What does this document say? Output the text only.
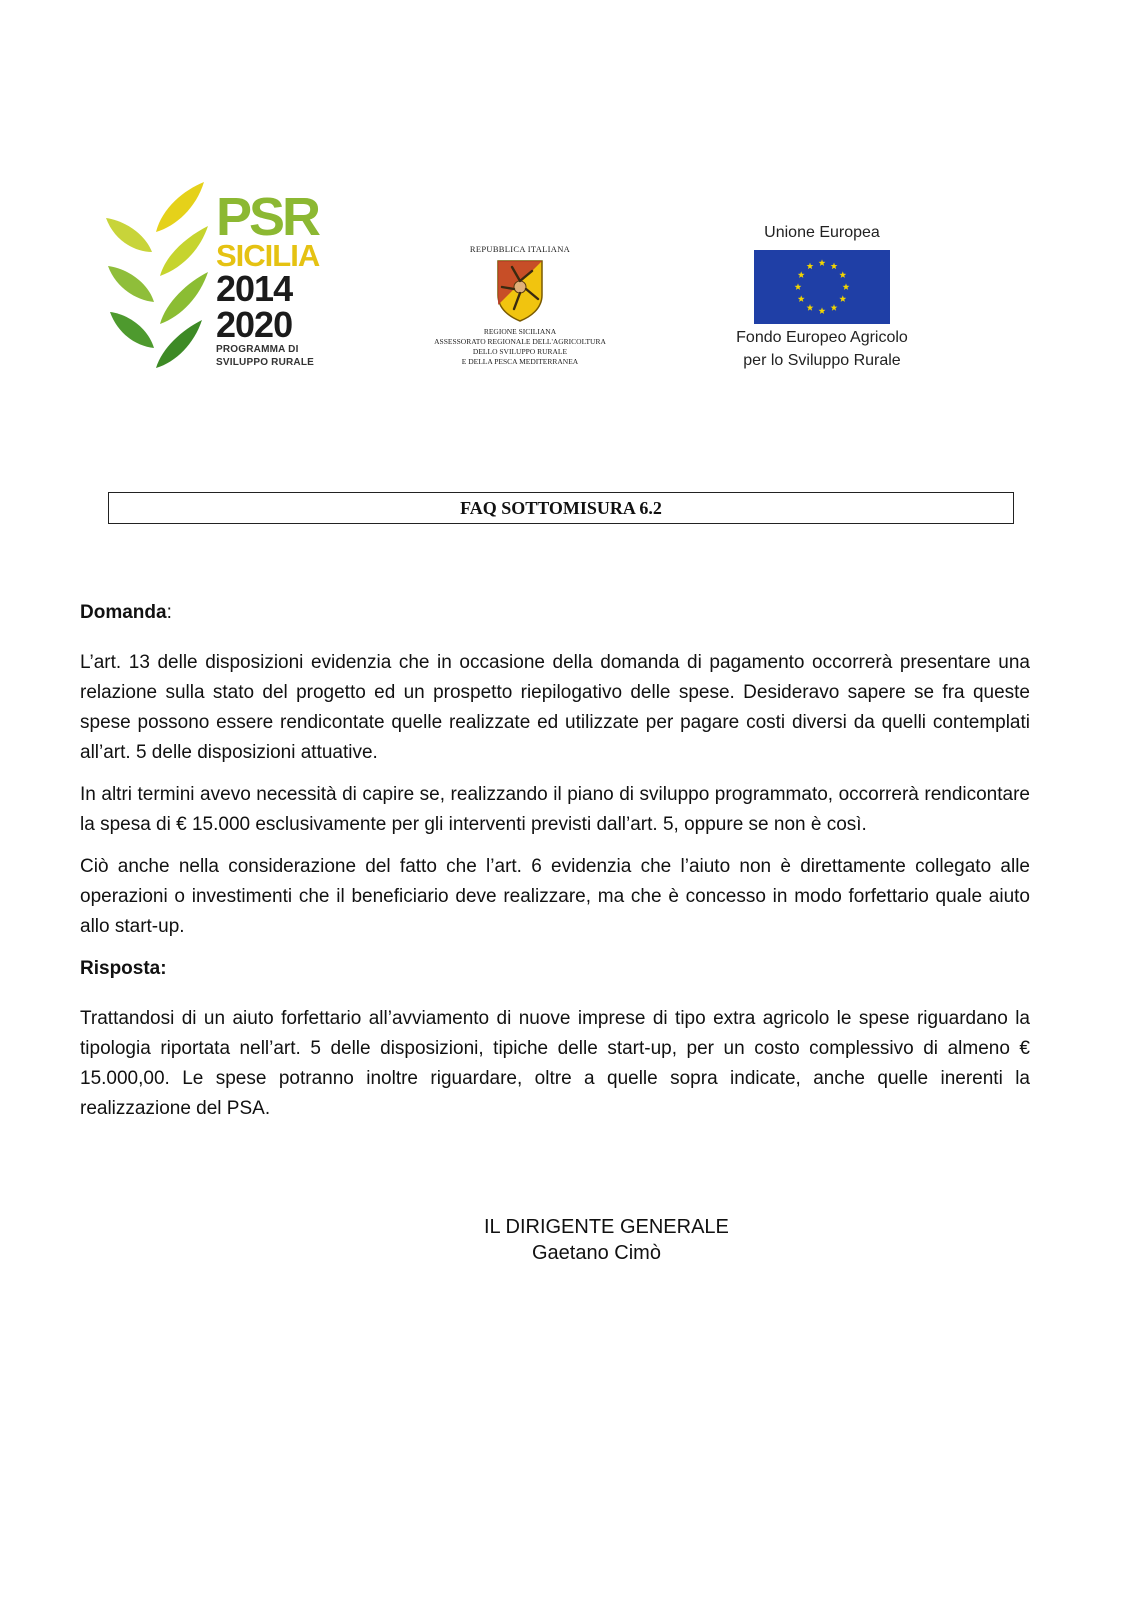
PSR
SICILIA
2014
2020
PROGRAMMA DI
SVILUPPO RURALE
REPUBBLICA ITALIANA
REGIONE SICILIANA
ASSESSORATO REGIONALE DELL'AGRICOLTURA
DELLO SVILUPPO RURALE
E DELLA PESCA MEDITERRANEA
Unione Europea
Fondo Europeo Agricolo
per lo Sviluppo Rurale
FAQ SOTTOMISURA 6.2
Domanda:

L’art. 13 delle disposizioni evidenzia che in occasione della domanda di pagamento occorrerà presentare una relazione sulla stato del progetto ed un prospetto riepilogativo delle spese. Desideravo sapere se fra queste spese possono essere rendicontate quelle realizzate ed utilizzate per pagare costi diversi da quelli contemplati all’art. 5 delle disposizioni attuative.

In altri termini avevo necessità di capire se, realizzando il piano di sviluppo programmato, occorrerà rendicontare la spesa di € 15.000 esclusivamente per gli interventi previsti dall’art. 5, oppure se non è così.

Ciò anche nella considerazione del fatto che l’art. 6 evidenzia che l’aiuto non è direttamente collegato alle operazioni o investimenti che il beneficiario deve realizzare, ma che è concesso in modo forfettario quale aiuto allo start-up.

Risposta:

Trattandosi di un aiuto forfettario all’avviamento di nuove imprese di tipo extra agricolo le spese riguardano la tipologia riportata nell’art. 5 delle disposizioni, tipiche delle start-up, per un costo complessivo di almeno € 15.000,00. Le spese potranno inoltre riguardare, oltre a quelle sopra indicate, anche quelle inerenti la realizzazione del PSA.

IL DIRIGENTE GENERALE
Gaetano Cimò
